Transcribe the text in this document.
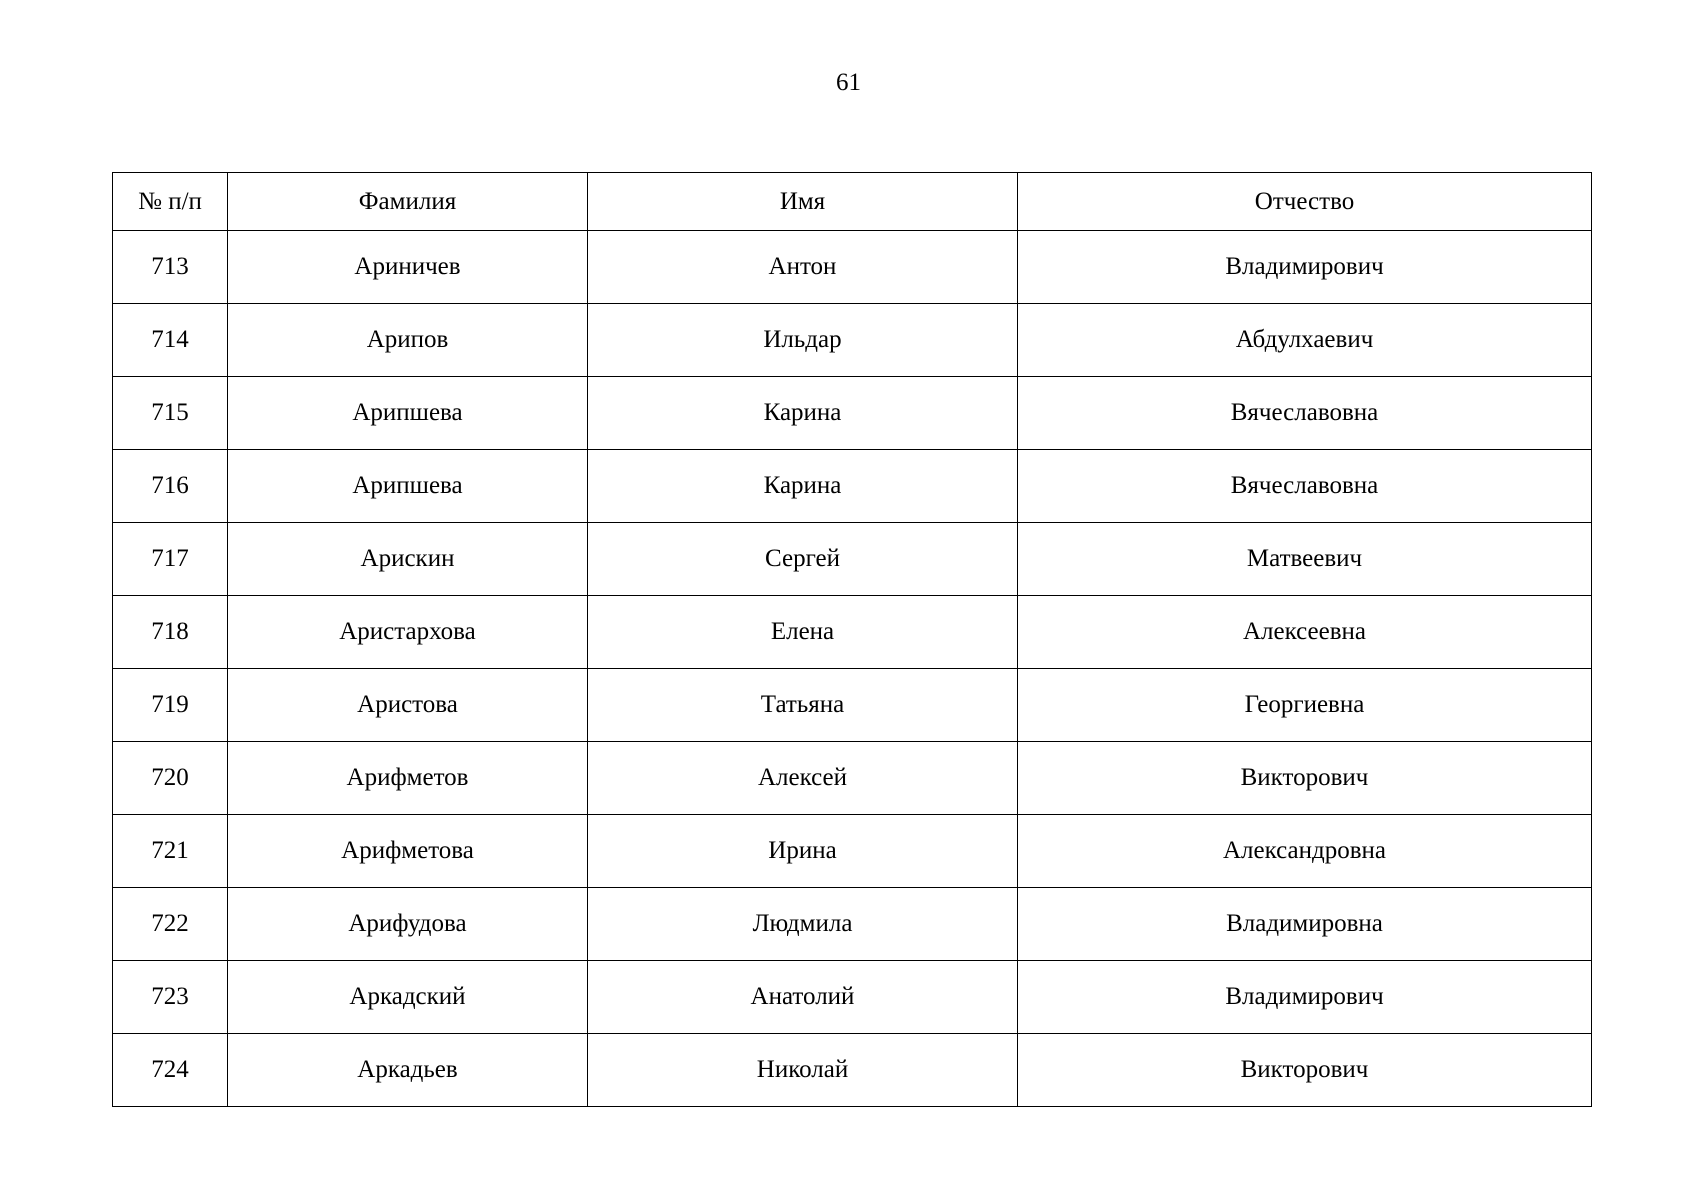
61
№ п/п	Фамилия	Имя	Отчество
713	Ариничев	Антон	Владимирович
714	Арипов	Ильдар	Абдулхаевич
715	Арипшева	Карина	Вячеславовна
716	Арипшева	Карина	Вячеславовна
717	Арискин	Сергей	Матвеевич
718	Аристархова	Елена	Алексеевна
719	Аристова	Татьяна	Георгиевна
720	Арифметов	Алексей	Викторович
721	Арифметова	Ирина	Александровна
722	Арифудова	Людмила	Владимировна
723	Аркадский	Анатолий	Владимирович
724	Аркадьев	Николай	Викторович
